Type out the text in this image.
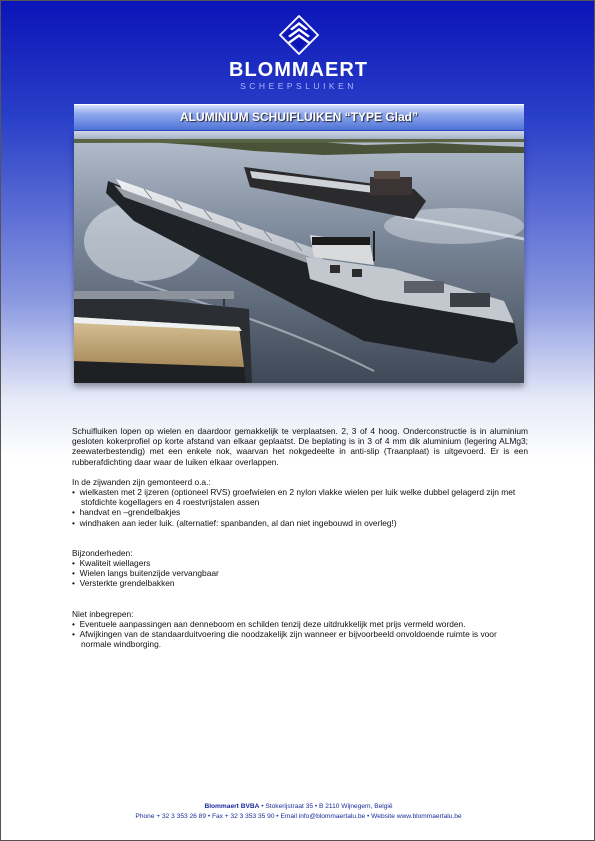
BLOMMAERT
SCHEEPSLUIKEN
ALUMINIUM SCHUIFLUIKEN “TYPE Glad”

Schuifluiken lopen op wielen en daardoor gemakkelijk te verplaatsen. 2, 3 of 4 hoog. Onderconstructie is in aluminium gesloten kokerprofiel op korte afstand van elkaar geplaatst. De beplating is in 3 of 4 mm dik aluminium (legering ALMg3; zeewaterbestendig) met een enkele nok, waarvan het nokgedeelte in anti-slip (Traanplaat) is uitgevoerd. Er is een rubberafdichting daar waar de luiken elkaar overlappen.

In de zijwanden zijn gemonteerd o.a.:

•  wielkasten met 2 ijzeren (optioneel RVS) groefwielen en 2 nylon vlakke wielen per luik welke dubbel gelagerd zijn met stofdichte kogellagers en 4 roestvrijstalen assen
•  handvat en –grendelbakjes
•  windhaken aan ieder luik. (alternatief: spanbanden, al dan niet ingebouwd in overleg!)

Bijzonderheden:

•  Kwaliteit wiellagers
•  Wielen langs buitenzijde vervangbaar
•  Versterkte grendelbakken

Niet inbegrepen:

•  Eventuele aanpassingen aan denneboom en schilden tenzij deze uitdrukkelijk met prijs vermeld worden.
•  Afwijkingen van de standaarduitvoering die noodzakelijk zijn wanneer er bijvoorbeeld onvoldoende ruimte is voor normale windborging.
Blommaert BVBA • Stokerijstraat 35 • B 2110 Wijnegem, België
Phone + 32 3 353 26 89 • Fax + 32 3 353 35 90 • Email info@blommaertalu.be • Website www.blommaertalu.be
